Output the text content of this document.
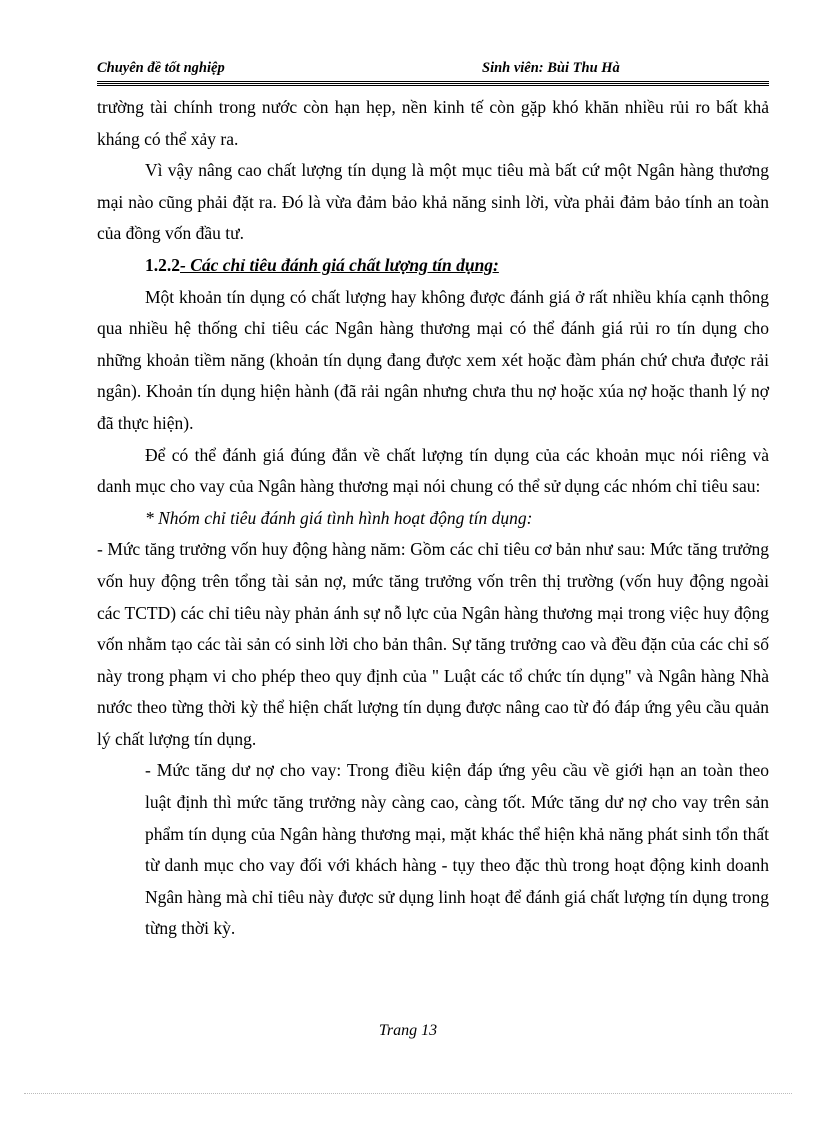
Chuyên đề tốt nghiệp	Sinh viên: Bùi Thu Hà

trường tài chính trong nước còn hạn hẹp, nền kinh tế còn gặp khó khăn nhiều rủi ro bất khả kháng có thể xảy ra.

Vì vậy nâng cao chất lượng tín dụng là một mục tiêu mà bất cứ một Ngân hàng thương mại nào cũng phải đặt ra. Đó là vừa đảm bảo khả năng sinh lời, vừa phải đảm bảo tính an toàn của đồng vốn đầu tư.

1.2.2- Các chỉ tiêu đánh giá chất lượng tín dụng:

Một khoản tín dụng có chất lượng hay không được đánh giá ở rất nhiều khía cạnh thông qua nhiều hệ thống chỉ tiêu các Ngân hàng thương mại có thể đánh giá rủi ro tín dụng cho những khoản tiềm năng (khoản tín dụng đang được xem xét hoặc đàm phán chứ chưa được rải ngân). Khoản tín dụng hiện hành (đã rải ngân nhưng chưa thu nợ hoặc xúa nợ hoặc thanh lý nợ đã thực hiện).

Để có thể đánh giá đúng đắn về chất lượng tín dụng của các khoản mục nói riêng và danh mục cho vay của Ngân hàng thương mại nói chung có thể sử dụng các nhóm chỉ tiêu sau:

* Nhóm chỉ tiêu đánh giá tình hình hoạt động tín dụng:

- Mức tăng trưởng vốn huy động hàng năm: Gồm các chỉ tiêu cơ bản như sau: Mức tăng trưởng vốn huy động trên tổng tài sản nợ, mức tăng trưởng vốn trên thị trường (vốn huy động ngoài các TCTD) các chỉ tiêu này phản ánh sự nỗ lực của Ngân hàng thương mại trong việc huy động vốn nhằm tạo các tài sản có sinh lời cho bản thân. Sự tăng trưởng cao và đều đặn của các chỉ số này trong phạm vi cho phép theo quy định của " Luật các tổ chức tín dụng" và Ngân hàng Nhà nước theo từng thời kỳ thể hiện chất lượng tín dụng được nâng cao từ đó đáp ứng yêu cầu quản lý chất lượng tín dụng.

- Mức tăng dư nợ cho vay: Trong điều kiện đáp ứng yêu cầu về giới hạn an toàn theo luật định thì mức tăng trưởng này càng cao, càng tốt. Mức tăng dư nợ cho vay trên sản phẩm tín dụng của Ngân hàng thương mại, mặt khác thể hiện khả năng phát sinh tổn thất từ danh mục cho vay đối với khách hàng - tụy theo đặc thù trong hoạt động kinh doanh Ngân hàng mà chỉ tiêu này được sử dụng linh hoạt để đánh giá chất lượng tín dụng trong từng thời kỳ.

Trang 13
